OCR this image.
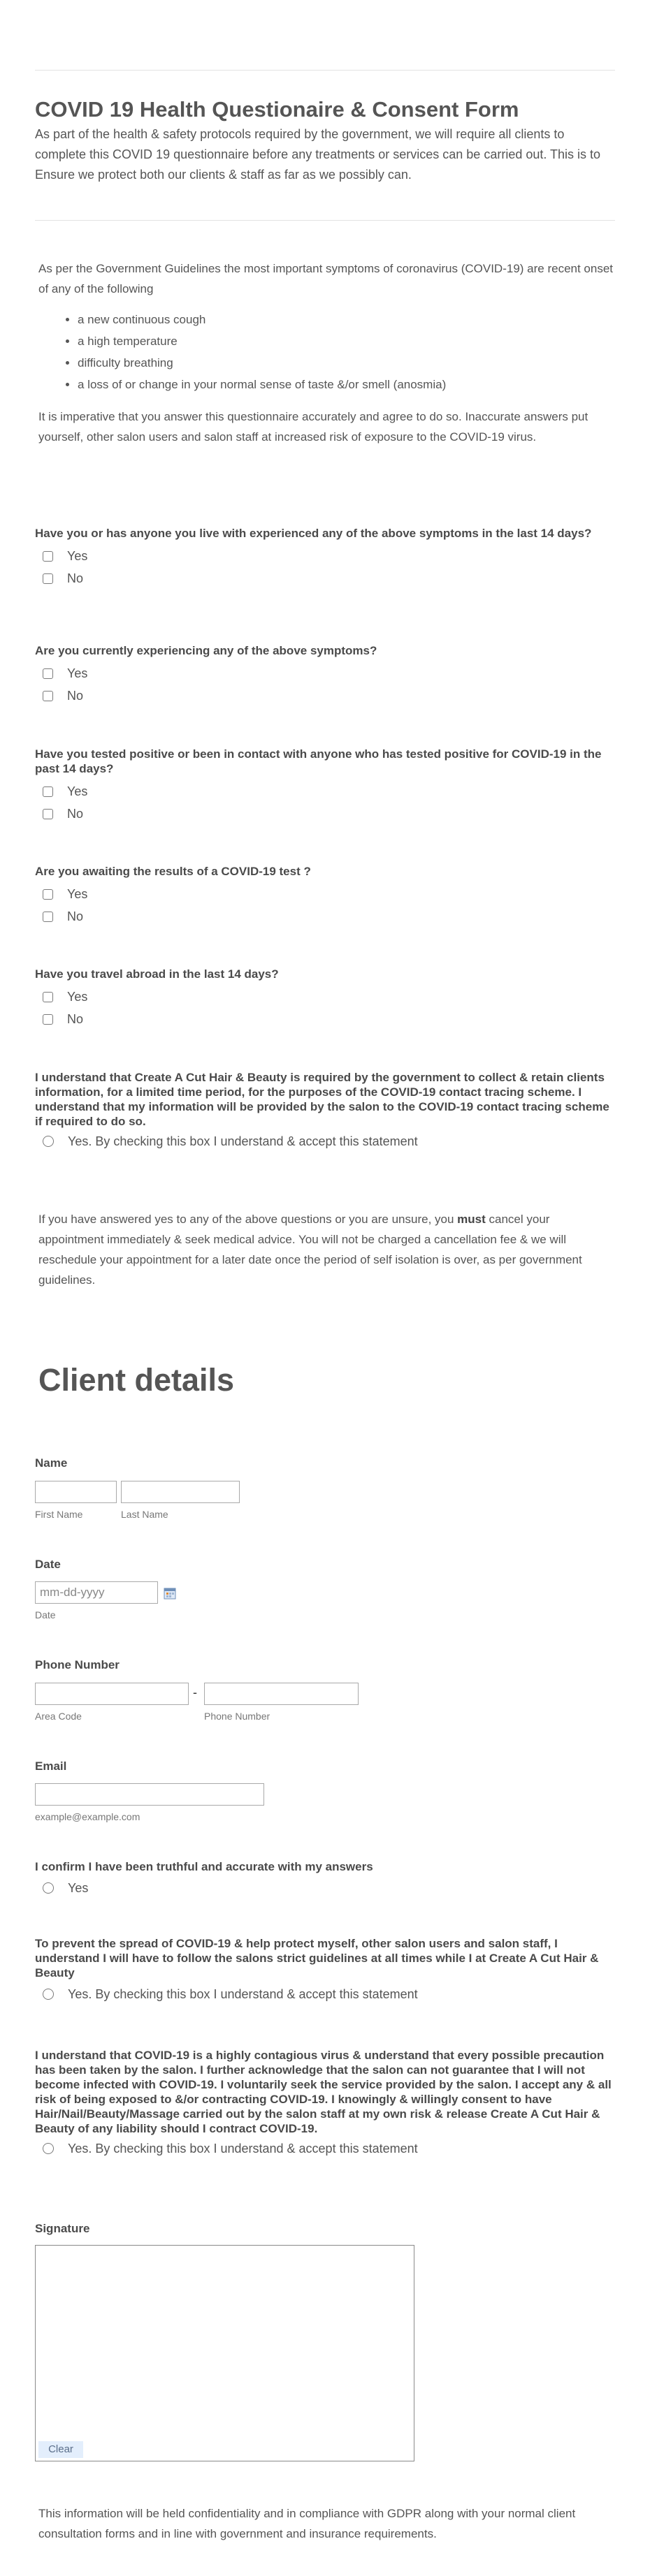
COVID 19 Health Questionaire & Consent Form

As part of the health & safety protocols required by the government, we will require all clients to complete this COVID 19 questionnaire before any treatments or services can be carried out. This is to Ensure we protect both our clients & staff as far as we possibly can.

As per the Government Guidelines the most important symptoms of coronavirus (COVID-19) are recent onset of any of the following

• a new continuous cough
• a high temperature
• difficulty breathing
• a loss of or change in your normal sense of taste &/or smell (anosmia)

It is imperative that you answer this questionnaire accurately and agree to do so. Inaccurate answers put yourself, other salon users and salon staff at increased risk of exposure to the COVID-19 virus.

Have you or has anyone you live with experienced any of the above symptoms in the last 14 days?

Yes
No

Are you currently experiencing any of the above symptoms?

Yes
No

Have you tested positive or been in contact with anyone who has tested positive for COVID-19 in the past 14 days?

Yes
No

Are you awaiting the results of a COVID-19 test ?

Yes
No

Have you travel abroad in the last 14 days?

Yes
No

I understand that Create A Cut Hair & Beauty is required by the government to collect & retain clients information, for a limited time period, for the purposes of the COVID-19 contact tracing scheme. I understand that my information will be provided by the salon to the COVID-19 contact tracing scheme if required to do so.

Yes. By checking this box I understand & accept this statement

If you have answered yes to any of the above questions or you are unsure, you must cancel your appointment immediately & seek medical advice. You will not be charged a cancellation fee & we will reschedule your appointment for a later date once the period of self isolation is over, as per government guidelines.

Client details

Name

First Name	Last Name

Date

mm-dd-yyyy
Date

Phone Number

-
Area Code	Phone Number

Email

example@example.com

I confirm I have been truthful and accurate with my answers

Yes

To prevent the spread of COVID-19 & help protect myself, other salon users and salon staff, I understand I will have to follow the salons strict guidelines at all times while I at Create A Cut Hair & Beauty

Yes. By checking this box I understand & accept this statement

I understand that COVID-19 is a highly contagious virus & understand that every possible precaution has been taken by the salon. I further acknowledge that the salon can not guarantee that I will not become infected with COVID-19. I voluntarily seek the service provided by the salon. I accept any & all risk of being exposed to &/or contracting COVID-19. I knowingly & willingly consent to have Hair/Nail/Beauty/Massage carried out by the salon staff at my own risk & release Create A Cut Hair & Beauty of any liability should I contract COVID-19.

Yes. By checking this box I understand & accept this statement

Signature

Clear

This information will be held confidentiality and in compliance with GDPR along with your normal client consultation forms and in line with government and insurance requirements.
